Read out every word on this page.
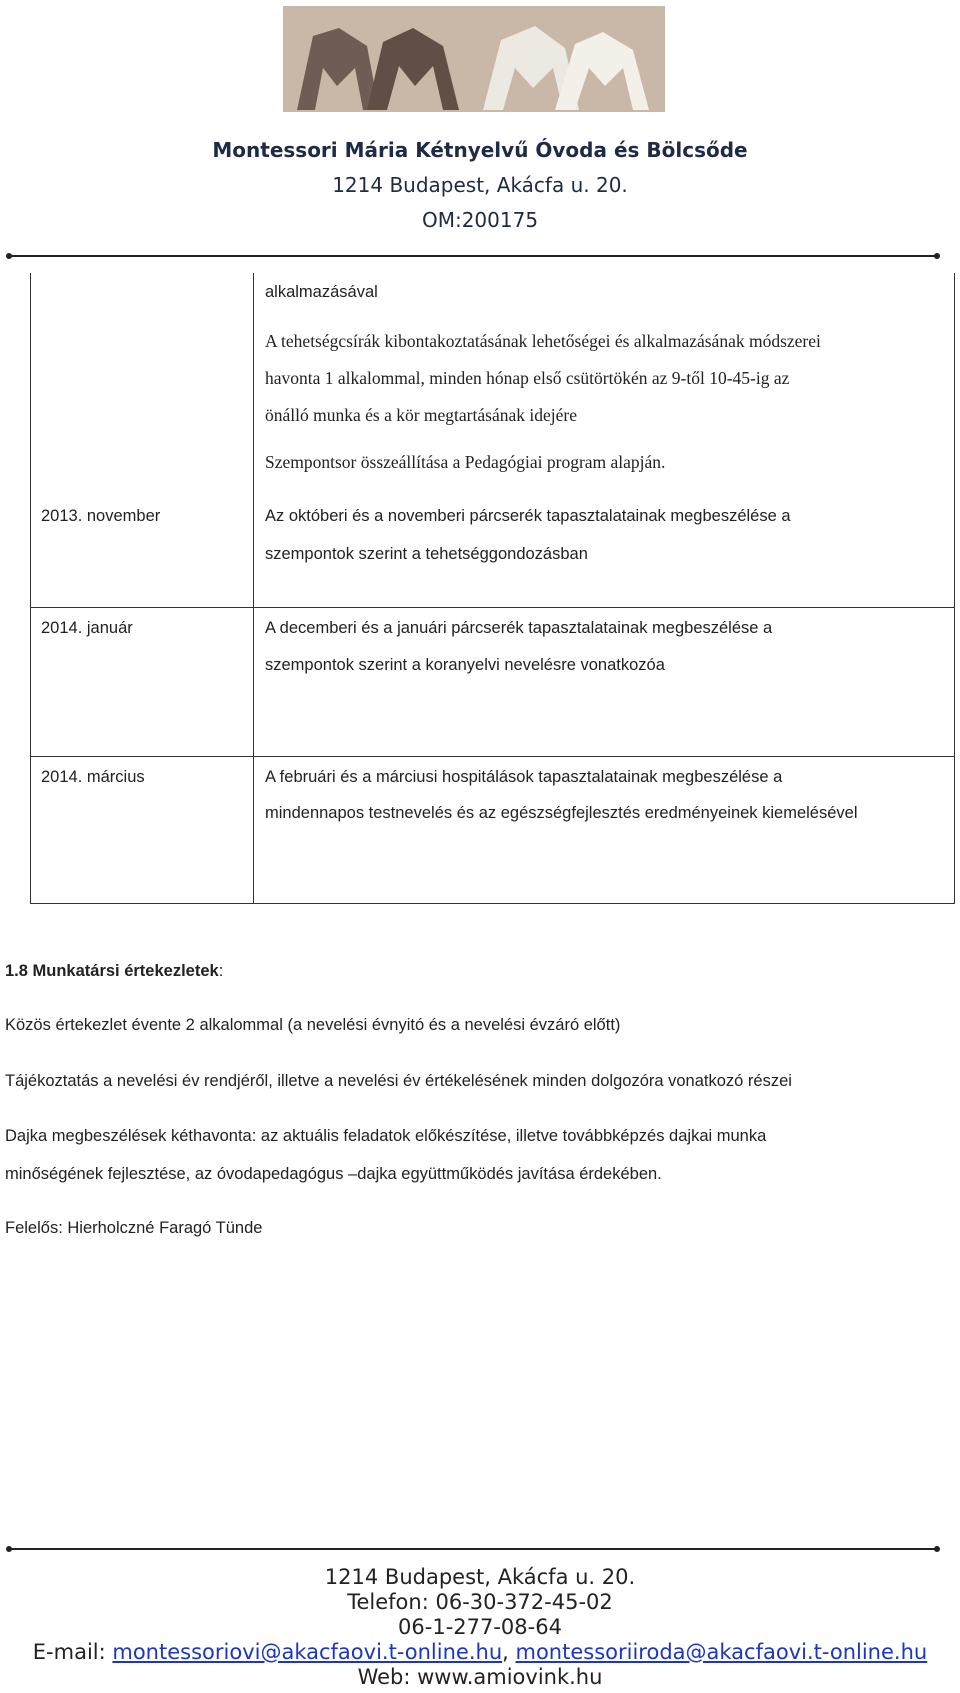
Montessori Mária Kétnyelvű Óvoda és Bölcsőde
1214 Budapest, Akácfa u. 20.
OM:200175
alkalmazásával
A tehetségcsírák kibontakoztatásának lehetőségei és alkalmazásának módszerei
havonta 1 alkalommal, minden hónap első csütörtökén az 9-től 10-45-ig az
önálló munka és a kör megtartásának idejére
Szempontsor összeállítása a Pedagógiai program alapján.
2013. november	Az októberi és a novemberi párcserék tapasztalatainak megbeszélése a
szempontok szerint a tehetséggondozásban
2014. január	A decemberi és a januári párcserék tapasztalatainak megbeszélése a
szempontok szerint a koranyelvi nevelésre vonatkozóa
2014. március	A februári és a márciusi hospitálások tapasztalatainak megbeszélése a
mindennapos testnevelés és az egészségfejlesztés eredményeinek kiemelésével
1.8 Munkatársi értekezletek:
Közös értekezlet évente 2 alkalommal (a nevelési évnyitó és a nevelési évzáró előtt)
Tájékoztatás a nevelési év rendjéről, illetve a nevelési év értékelésének minden dolgozóra vonatkozó részei
Dajka megbeszélések kéthavonta: az aktuális feladatok előkészítése, illetve továbbképzés dajkai munka
minőségének fejlesztése, az óvodapedagógus –dajka együttműködés javítása érdekében.
Felelős: Hierholczné Faragó Tünde
1214 Budapest, Akácfa u. 20.
Telefon: 06-30-372-45-02
06-1-277-08-64
E-mail: montessoriovi@akacfaovi.t-online.hu, montessoriiroda@akacfaovi.t-online.hu
Web: www.amiovink.hu
